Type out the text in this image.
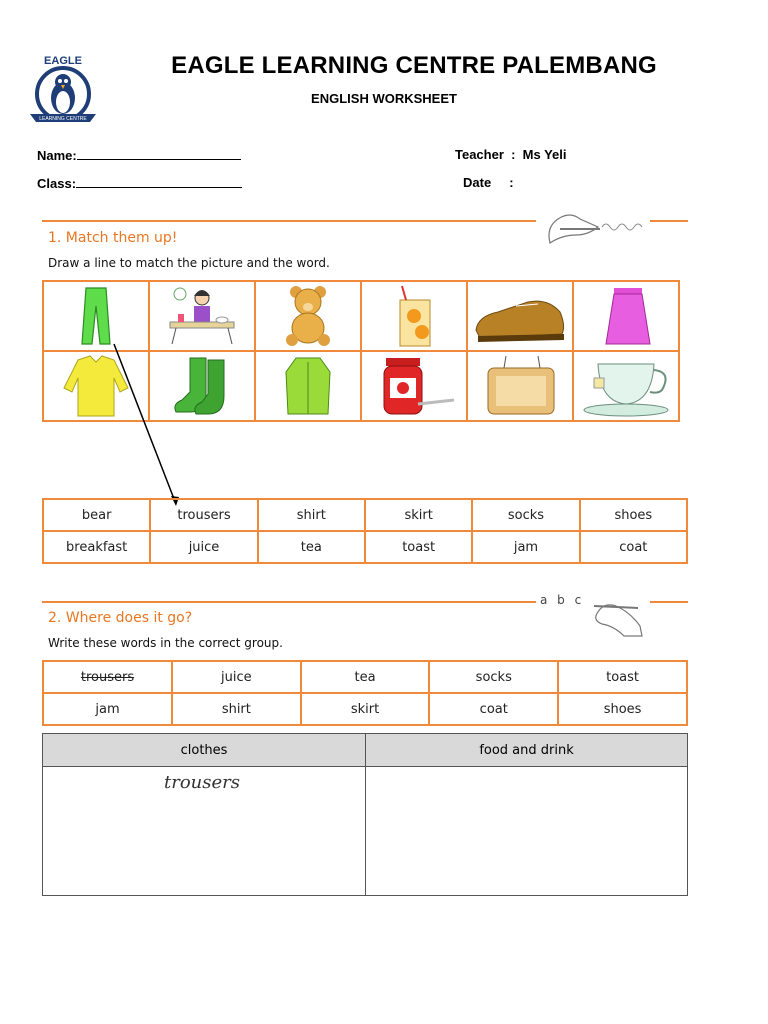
EAGLE
LEARNING CENTRE
EAGLE LEARNING CENTRE PALEMBANG
ENGLISH WORKSHEET
Name:
Class:
Teacher  :  Ms Yeli
Date     :
1. Match them up!
Draw a line to match the picture and the word.

bear	trousers	shirt	skirt	socks	shoes
breakfast	juice	tea	toast	jam	coat
a b c
2. Where does it go?
Write these words in the correct group.
trousers	juice	tea	socks	toast
jam	shirt	skirt	coat	shoes
clothes	food and drink

trousers	
